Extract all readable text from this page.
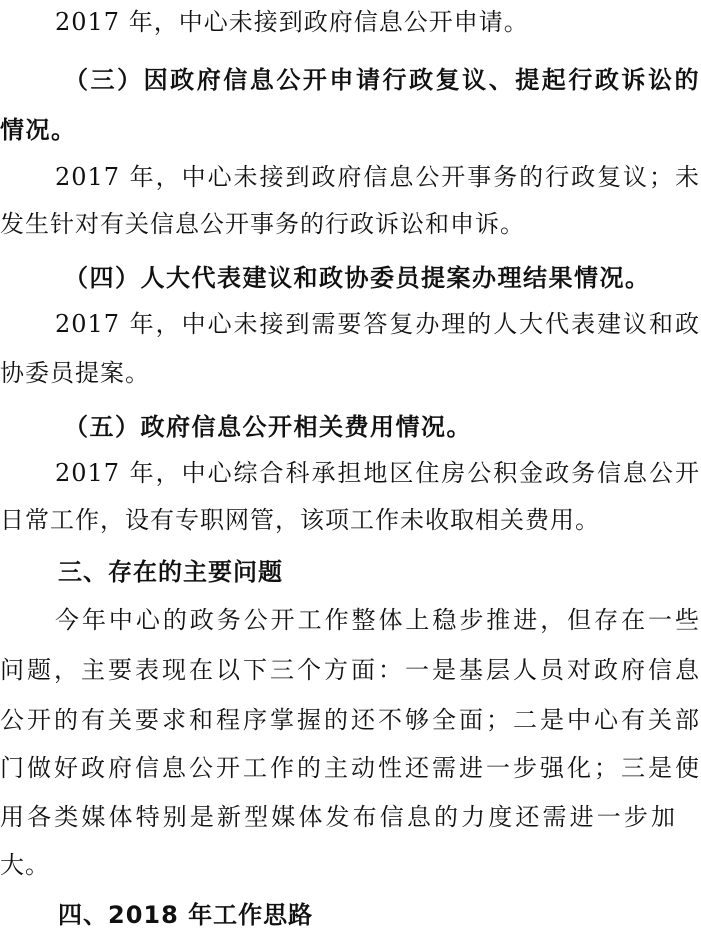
2017 年，中心未接到政府信息公开申请。
（三）因政府信息公开申请行政复议、提起行政诉讼的
情况。
2017 年，中心未接到政府信息公开事务的行政复议；未
发生针对有关信息公开事务的行政诉讼和申诉。
（四）人大代表建议和政协委员提案办理结果情况。
2017 年，中心未接到需要答复办理的人大代表建议和政
协委员提案。
（五）政府信息公开相关费用情况。
2017 年，中心综合科承担地区住房公积金政务信息公开
日常工作，设有专职网管，该项工作未收取相关费用。
三、存在的主要问题
今年中心的政务公开工作整体上稳步推进，但存在一些
问题，主要表现在以下三个方面：一是基层人员对政府信息
公开的有关要求和程序掌握的还不够全面；二是中心有关部
门做好政府信息公开工作的主动性还需进一步强化；三是使
用各类媒体特别是新型媒体发布信息的力度还需进一步加
大。
四、2018 年工作思路
